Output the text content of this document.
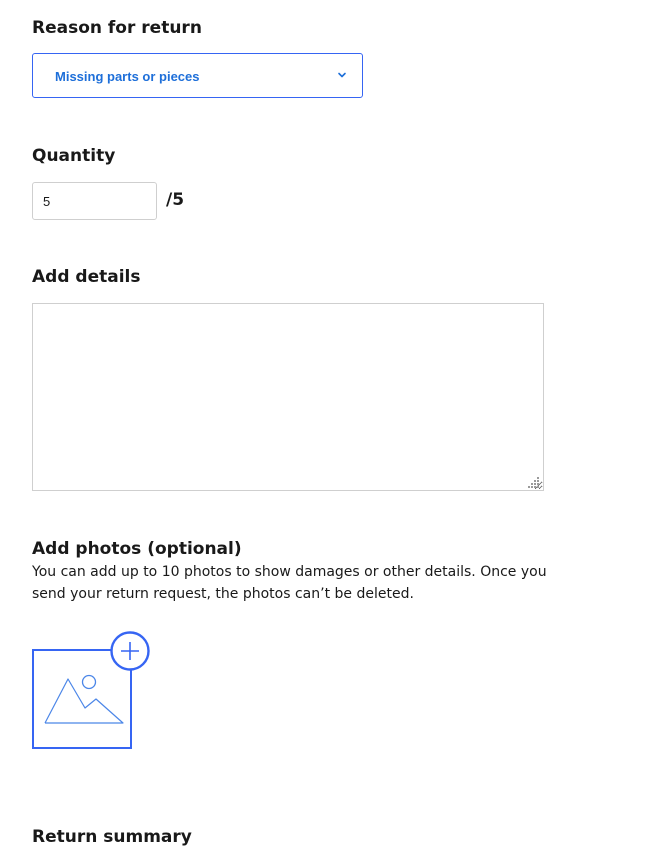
Reason for return
Missing parts or pieces
Quantity
5
/5
Add details
Add photos (optional)
You can add up to 10 photos to show damages or other details. Once you send your return request, the photos can’t be deleted.
Return summary
